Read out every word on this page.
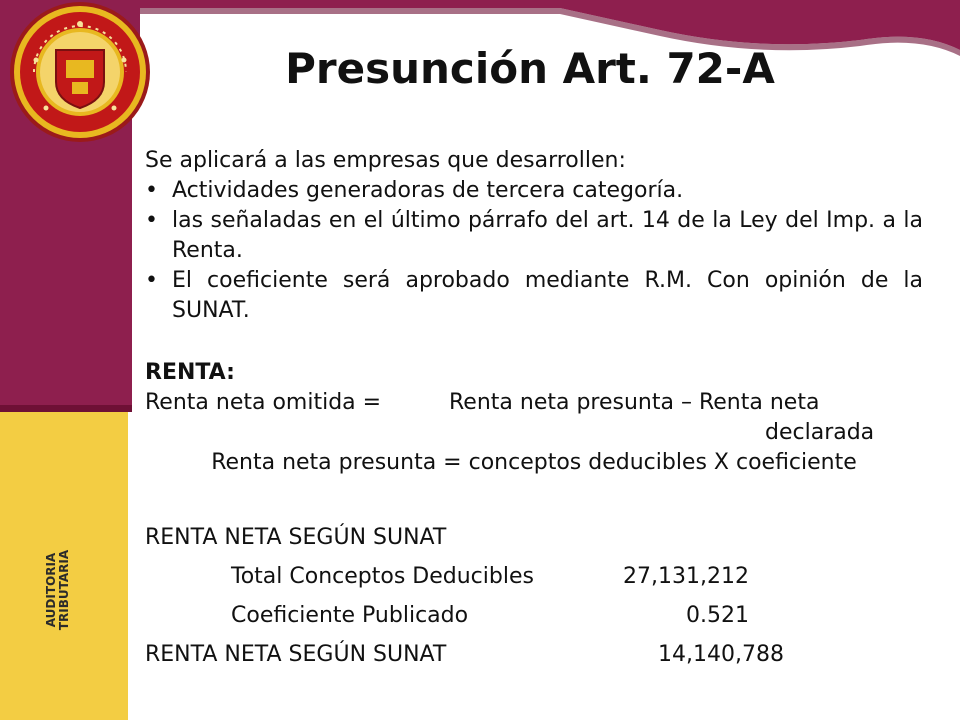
Presunción Art. 72-A
AUDITORIA TRIBUTARIA

Se aplicará a las empresas que desarrollen:

• Actividades generadoras de tercera categoría.
• las señaladas en el último párrafo del art. 14 de la Ley del Imp. a la Renta.
• El coeficiente será aprobado mediante R.M. Con opinión de la SUNAT.

RENTA:

Renta neta omitida =	Renta neta presunta – Renta neta
declarada
Renta neta presunta = conceptos deducibles X coeficiente
RENTA NETA SEGÚN SUNAT
Total Conceptos Deducibles	27,131,212
Coeficiente Publicado	0.521
RENTA NETA SEGÚN SUNAT	14,140,788
